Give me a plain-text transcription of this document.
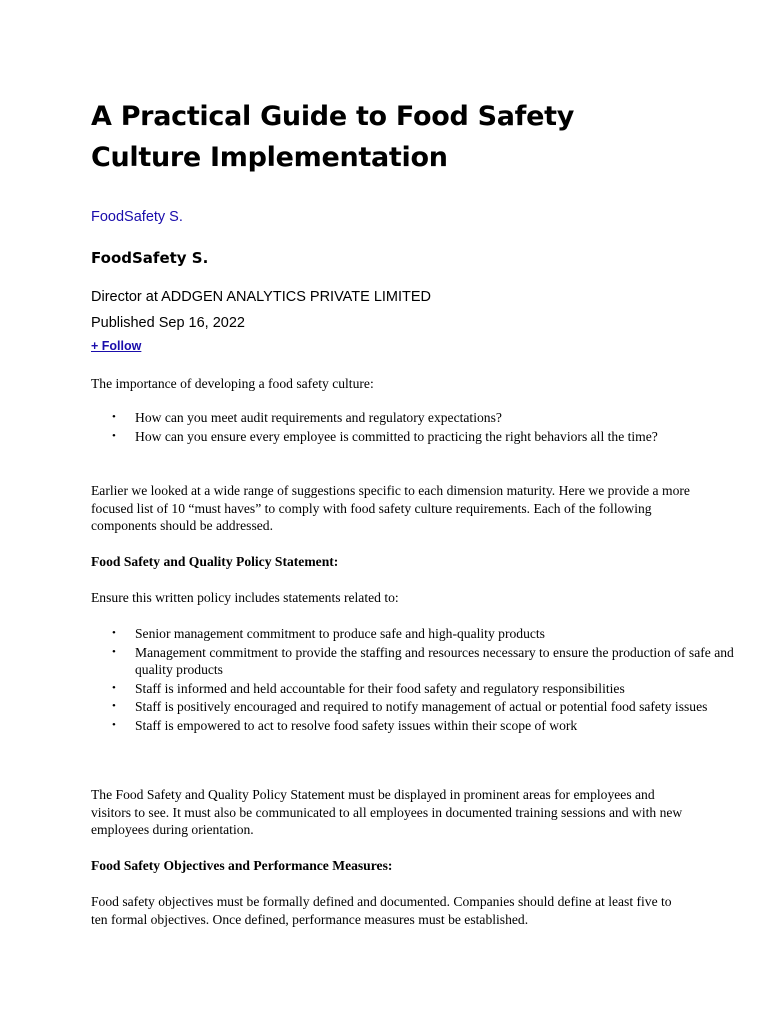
A Practical Guide to Food Safety Culture Implementation
FoodSafety S.
FoodSafety S.
Director at ADDGEN ANALYTICS PRIVATE LIMITED
Published Sep 16, 2022
+ Follow

The importance of developing a food safety culture:

• How can you meet audit requirements and regulatory expectations?
• How can you ensure every employee is committed to practicing the right behaviors all the time?

Earlier we looked at a wide range of suggestions specific to each dimension maturity. Here we provide a more focused list of 10 “must haves” to comply with food safety culture requirements. Each of the following components should be addressed.

Food Safety and Quality Policy Statement:

Ensure this written policy includes statements related to:

• Senior management commitment to produce safe and high-quality products
• Management commitment to provide the staffing and resources necessary to ensure the production of safe and quality products
• Staff is informed and held accountable for their food safety and regulatory responsibilities
• Staff is positively encouraged and required to notify management of actual or potential food safety issues
• Staff is empowered to act to resolve food safety issues within their scope of work

The Food Safety and Quality Policy Statement must be displayed in prominent areas for employees and visitors to see. It must also be communicated to all employees in documented training sessions and with new employees during orientation.

Food Safety Objectives and Performance Measures:

Food safety objectives must be formally defined and documented. Companies should define at least five to ten formal objectives. Once defined, performance measures must be established.
